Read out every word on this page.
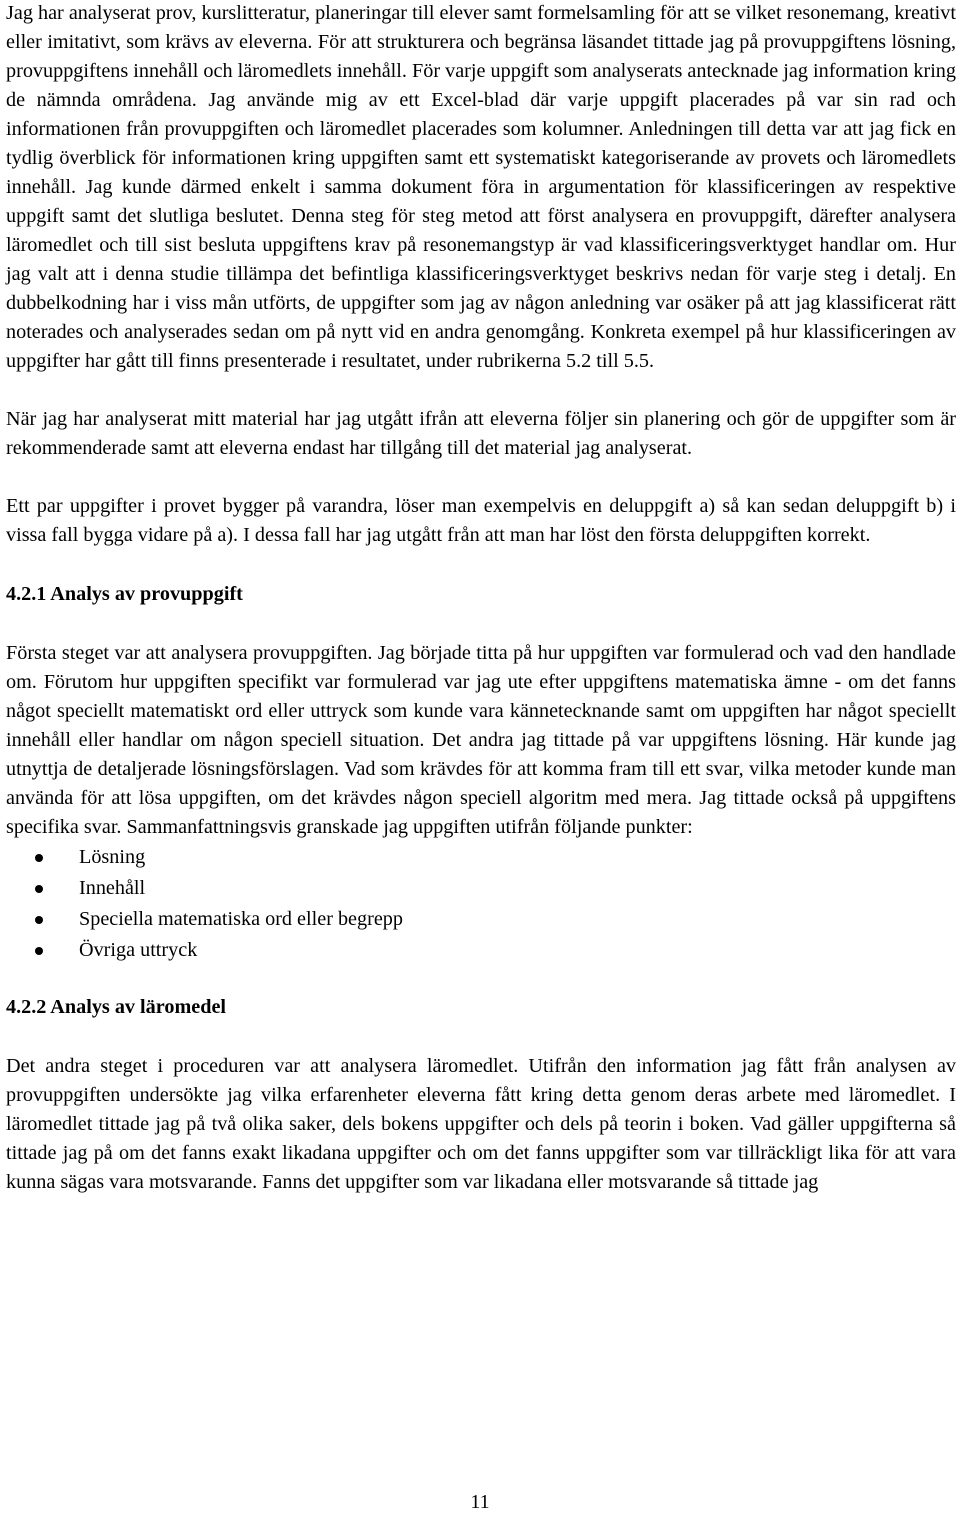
Jag har analyserat prov, kurslitteratur, planeringar till elever samt formelsamling för att se vilket resonemang, kreativt eller imitativt, som krävs av eleverna. För att strukturera och begränsa läsandet tittade jag på provuppgiftens lösning, provuppgiftens innehåll och läromedlets innehåll. För varje uppgift som analyserats antecknade jag information kring de nämnda områdena. Jag använde mig av ett Excel-blad där varje uppgift placerades på var sin rad och informationen från provuppgiften och läromedlet placerades som kolumner. Anledningen till detta var att jag fick en tydlig överblick för informationen kring uppgiften samt ett systematiskt kategoriserande av provets och läromedlets innehåll. Jag kunde därmed enkelt i samma dokument föra in argumentation för klassificeringen av respektive uppgift samt det slutliga beslutet. Denna steg för steg metod att först analysera en provuppgift, därefter analysera läromedlet och till sist besluta uppgiftens krav på resonemangstyp är vad klassificeringsverktyget handlar om. Hur jag valt att i denna studie tillämpa det befintliga klassificeringsverktyget beskrivs nedan för varje steg i detalj. En dubbelkodning har i viss mån utförts, de uppgifter som jag av någon anledning var osäker på att jag klassificerat rätt noterades och analyserades sedan om på nytt vid en andra genomgång. Konkreta exempel på hur klassificeringen av uppgifter har gått till finns presenterade i resultatet, under rubrikerna 5.2 till 5.5.

När jag har analyserat mitt material har jag utgått ifrån att eleverna följer sin planering och gör de uppgifter som är rekommenderade samt att eleverna endast har tillgång till det material jag analyserat.

Ett par uppgifter i provet bygger på varandra, löser man exempelvis en deluppgift a) så kan sedan deluppgift b) i vissa fall bygga vidare på a). I dessa fall har jag utgått från att man har löst den första deluppgiften korrekt.

4.2.1 Analys av provuppgift

Första steget var att analysera provuppgiften. Jag började titta på hur uppgiften var formulerad och vad den handlade om. Förutom hur uppgiften specifikt var formulerad var jag ute efter uppgiftens matematiska ämne - om det fanns något speciellt matematiskt ord eller uttryck som kunde vara kännetecknande samt om uppgiften har något speciellt innehåll eller handlar om någon speciell situation. Det andra jag tittade på var uppgiftens lösning. Här kunde jag utnyttja de detaljerade lösningsförslagen. Vad som krävdes för att komma fram till ett svar, vilka metoder kunde man använda för att lösa uppgiften, om det krävdes någon speciell algoritm med mera. Jag tittade också på uppgiftens specifika svar. Sammanfattningsvis granskade jag uppgiften utifrån följande punkter:

Lösning
Innehåll
Speciella matematiska ord eller begrepp
Övriga uttryck
4.2.2 Analys av läromedel

Det andra steget i proceduren var att analysera läromedlet. Utifrån den information jag fått från analysen av provuppgiften undersökte jag vilka erfarenheter eleverna fått kring detta genom deras arbete med läromedlet. I läromedlet tittade jag på två olika saker, dels bokens uppgifter och dels på teorin i boken. Vad gäller uppgifterna så tittade jag på om det fanns exakt likadana uppgifter och om det fanns uppgifter som var tillräckligt lika för att vara kunna sägas vara motsvarande. Fanns det uppgifter som var likadana eller motsvarande så tittade jag

11
